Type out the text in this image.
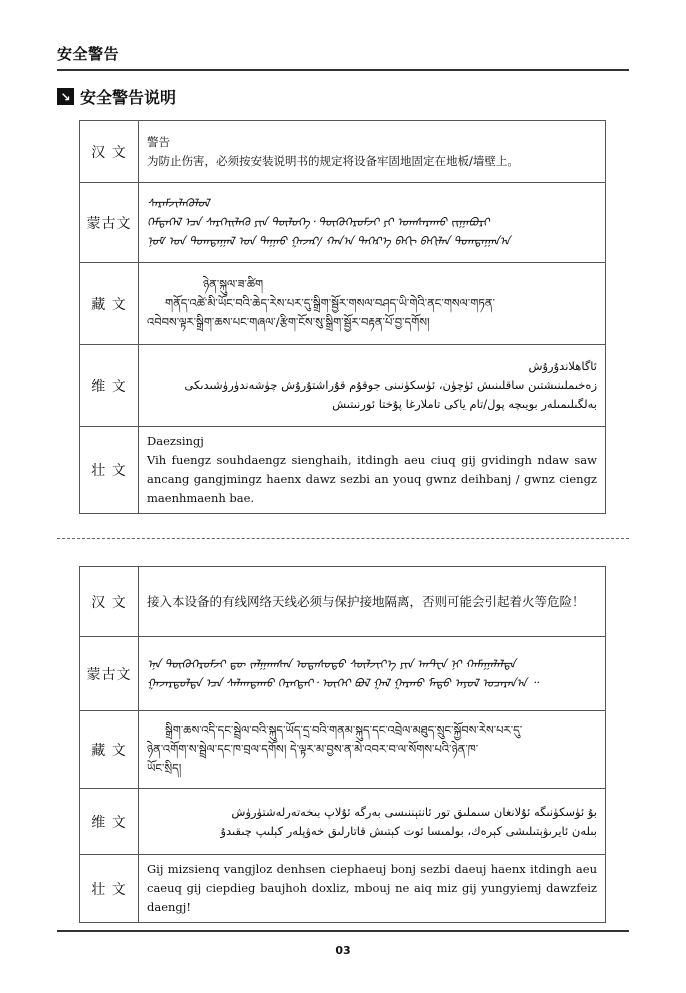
安全警告
↘ 安全警告说明
汉 文	警告
为防止伤害，必须按安装说明书的规定将设备牢固地固定在地板/墙壁上。

蒙古文	ᠰᠡᠷᠡᠮᠵᠢᠯᠡᠭᠦᠯᠦᠯ
ᠭᠡᠮᠲᠡᠭᠡᠯ ᠡᠴᠡ ᠰᠡᠷᠭᠡᠢᠯᠡᠬᠦ ᠶᠢᠨ ᠲᠥᠯᠥᠭᠡ᠂ ᠲᠥᠬᠥᠭᠡᠷᠦᠮᠵᠢ ᠶᠢ ᠤᠭᠰᠠᠷᠠᠬᠤ ᠵᠢᠭᠠᠪᠤᠷᠢ
ᠨᠣᠮ ᠤᠨ ᠲᠣᠭᠲᠠᠭᠠᠯ ᠤᠨ ᠳᠠᠭᠠᠤ ᠭᠠᠵᠠᠷ/ ᠬᠠᠨ᠎ᠠ ᠳᠡᠭᠡᠷ᠎ᠡ ᠪᠠᠬᠢ ᠪᠡᠬᠢᠯᠡᠨ ᠲᠣᠭᠲᠠᠭᠠᠨ᠎ᠠ

藏 文	ཉེན་སྐུལ་ཟ་ཚིག
གནོད་འཚེ་མི་ཡོང་བའི་ཆེད་རེས་པར་དུ་སྒྲིག་སྦྱོར་གསལ་བཤད་ཡི་གེའི་ནང་གསལ་གཏན་
འབེབས་ལྟར་སྒྲིག་ཆས་པང་གཞལ་/རྩིག་ངོས་སུ་སྒྲིག་སྦྱོར་བརྟན་པོ་བྱ་དགོས།

维 文	ئاگاھلاندۇرۇش
زەخىملىنىشتىن ساقلىنىش ئۈچۈن، ئۈسكۈنىنى جوقۇم قۇراشتۇرۇش چۈشەندۈرۈشىدىكى
بەلگىلىمىلەر بويىچە پول/تام ياكى تاملارغا پۇختا ئورنىتىش

壮 文	Daezsingj
Vih fuengz souhdaengz sienghaih, itdingh aeu ciuq gij gvidingh ndaw saw ancang gangjmingz haenx dawz sezbi an youq gwnz deihbanj / gwnz ciengz maenhmaenh bae.
汉 文	接入本设备的有线网络天线必须与保护接地隔离，否则可能会引起着火等危险！
蒙古文	ᠡᠨᠡ ᠲᠥᠬᠥᠭᠡᠷᠦᠮᠵᠢ ᠳᠦ ᠵᠠᠯᠭᠠᠭᠰᠠᠨ ᠤᠲᠠᠰᠤᠲᠤ ᠰᠦᠯᠵᠢᠶ᠎ᠡ ᠶᠢᠨ ᠠᠨᠲ᠋ᠧᠨ ᠨᠢ ᠬᠠᠮᠠᠭᠠᠯᠠᠯᠲᠠ
ᠭᠠᠵᠠᠷᠳᠤᠯᠲᠠ ᠡᠴᠡ ᠰᠠᠯᠠᠭᠳᠠᠬᠤ ᠬᠡᠷᠡᠭᠲᠡᠢ᠂ ᠦᠭᠡᠢ ᠪᠣᠯ ᠭᠠᠯ ᠭᠠᠷᠬᠤ ᠮᠡᠲᠦ ᠠᠶᠤᠯ ᠤᠴᠠᠷᠠᠨ᠎ᠠ ᠃

藏 文	སྒྲིག་ཆས་འདི་དང་སྦྲེལ་བའི་སྐུད་ཡོད་དྲ་བའི་གནམ་སྐུད་དང་འབྲེལ་མཐུད་སྲུང་སྐྱོབས་རེས་པར་དུ་
ཉེན་འགོག་ས་སྦྲེལ་དང་ཁ་བྲལ་དགོས། དེ་ལྟར་མ་བྱས་ན་མེ་འབར་བ་ལ་སོགས་པའི་ཉེན་ཁ་
ཡོང་སྲིད།

维 文	بۇ ئۈسكۈنىگە ئۇلانغان سىملىق تور ئانتېننىسى بەرگە ئۇلاپ بىخەتەرلەشتۈرۈش
بىلەن ئايرىۋېتىلىشى كېرەك، بولمىسا ئوت كېتىش قاتارلىق خەۋپلەر كېلىپ چىقىدۇ

壮 文	Gij mizsienq vangjloz denhsen ciephaeuj bonj sezbi daeuj haenx itdingh aeu caeuq gij ciepdieg baujhoh doxliz, mbouj ne aiq miz gij yungyiemj dawzfeiz daengj!
03
